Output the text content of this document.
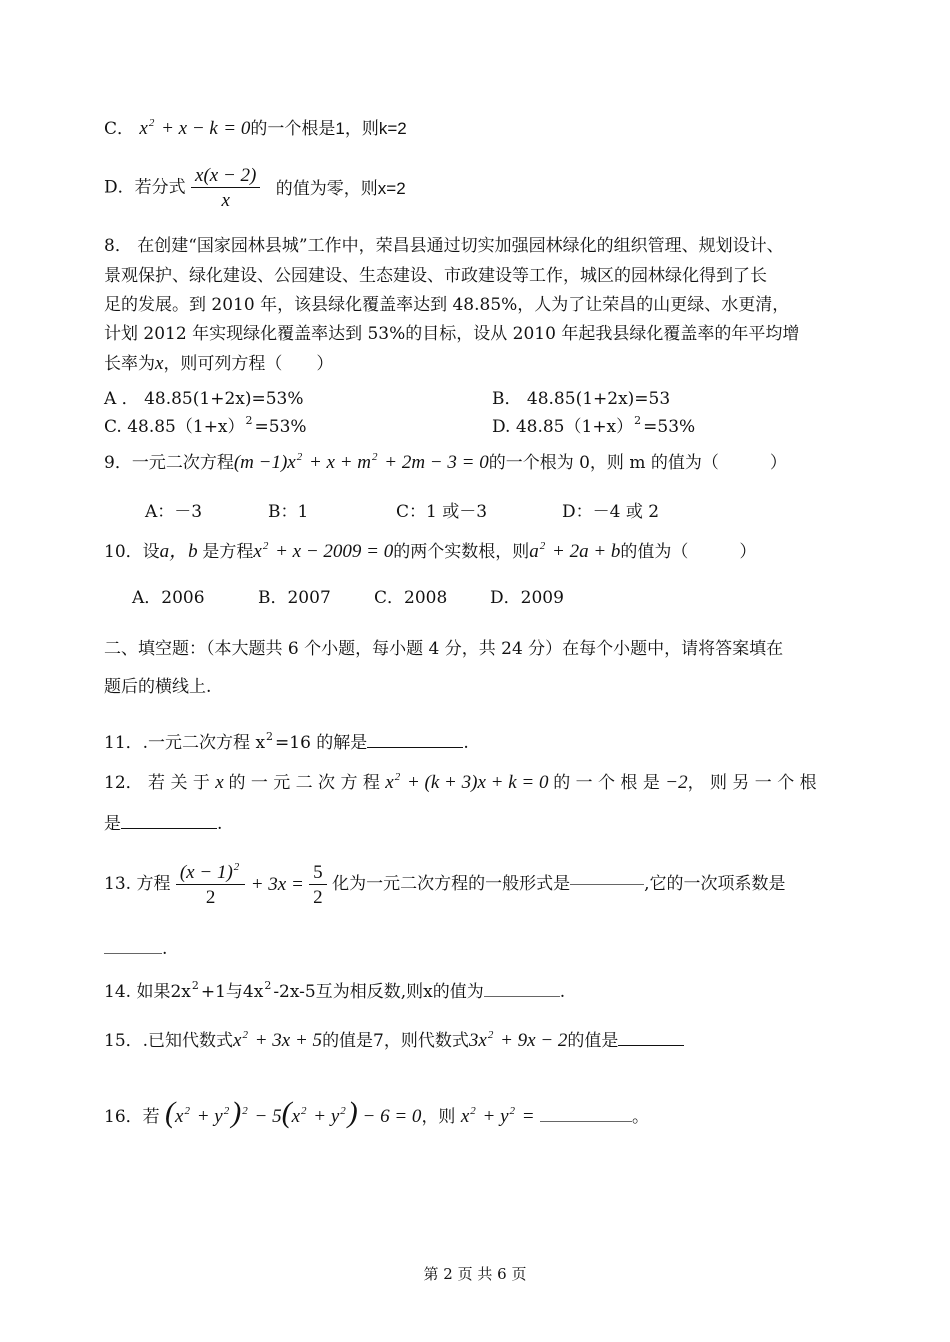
C． $x^2 + x - k = 0$的一个根是1，则k=2
D．若分式 $\frac{x(x - 2)}{x}$ 的值为零，则x=2
8． 在创建“国家园林县城”工作中，荣昌县通过切实加强园林绿化的组织管理、规划设计、
景观保护、绿化建设、公园建设、生态建设、市政建设等工作，城区的园林绿化得到了长
足的发展。到 2010 年，该县绿化覆盖率达到 48.85%，人为了让荣昌的山更绿、水更清，
计划 2012 年实现绿化覆盖率达到 53%的目标，设从 2010 年起我县绿化覆盖率的年平均增
长率为x，则可列方程（　　）
A ． 48.85(1+2x)=53%	B． 48.85(1+2x)=53
C. $48.85(1+x)^2 =53\%$	D. $48.85(1+x)^2 =53\%$
9．一元二次方程$(m -1)x^2 + x + m^2 + 2m - 3 = 0$的一个根为 0，则 m 的值为（　　　）
A：－3	B：1	C：1 或－3	D：－4 或 2
10．设a，b 是方程$x^2 + x - 2009 = 0$的两个实数根，则$a^2 + 2a + b$的值为（　　　）
A．2006	B．2007	C．2008	D．2009
二、填空题：（本大题共 6 个小题，每小题 4 分，共 24 分）在每个小题中，请将答案填在
题后的横线上.
11．.一元二次方程 $x^2 =16$ 的解是	.
12． 若 关 于 x 的 一 元 二 次 方 程 $x^2 + (k + 3)x + k = 0$ 的 一 个 根 是 −2， 则 另 一 个 根
是	.
13. 方程 $\frac{(x - 1)^2}{2} + 3x = \frac{5}{2}$ 化为一元二次方程的一般形式是	,它的一次项系数是
.
14. 如果$2x^2 +1$与$4x^2$ -2x-5互为相反数,则x的值为	.
15．.已知代数式$x^2 + 3x + 5$的值是7，则代数式$3x^2 + 9x - 2$的值是
16．若 $(x^2 + y^2)^2 - 5(x^2 + y^2) - 6 = 0$，则 $x^2 + y^2$ =	。
第 2 页 共 6 页
